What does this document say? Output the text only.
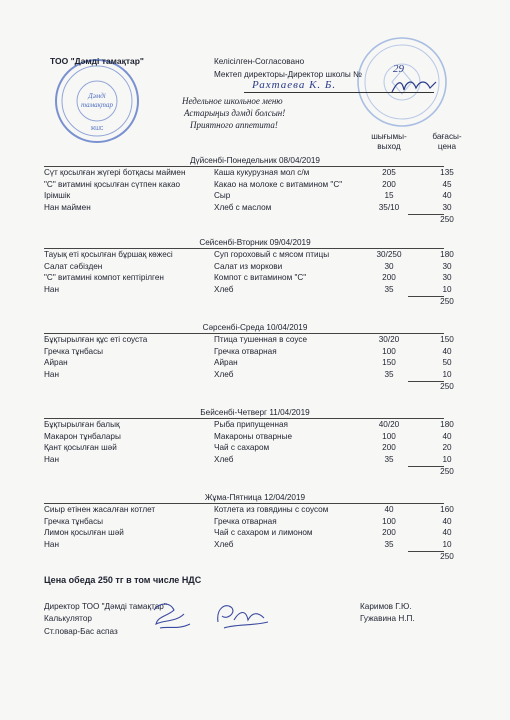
Дәмді
тамақтар
ЖШС
ТОО "Дәмді тамақтар"	Келісілген-Согласовано
Мектеп директоры-Директор школы №	29
Рахтаева К. Б.
Недельное школьное меню
Астарыңыз дәмді болсын!
Приятного аппетита!
шығымы-
выход
бағасы-
цена
Дүйсенбі-Понедельник 08/04/2019
Сүт қосылған жүгері ботқасы маймен	Каша кукурузная мол с/м	205	135
"С" витамині қосылған сүтпен какао	Какао на молоке с витамином "С"	200	45
Ірімшік	Сыр	15	40
Нан маймен	Хлеб с маслом	35/10	30
250
Сейсенбі-Вторник 09/04/2019
Тауық еті қосылған бұршақ көжесі	Суп гороховый с мясом птицы	30/250	180
Салат сәбізден	Салат из моркови	30	30
"С" витамині компот кептірілген	Компот с витамином "С"	200	30
Нан	Хлеб	35	10
250
Сәрсенбі-Среда 10/04/2019
Бұқтырылған құс еті соуста	Птица тушенная в соусе	30/20	150
Гречка тұнбасы	Гречка отварная	100	40
Айран	Айран	150	50
Нан	Хлеб	35	10
250
Бейсенбі-Четверг 11/04/2019
Бұқтырылған балық	Рыба припущенная	40/20	180
Макарон тұнбалары	Макароны отварные	100	40
Қант қосылған шәй	Чай с сахаром	200	20
Нан	Хлеб	35	10
250
Жұма-Пятница 12/04/2019
Сиыр етінен жасалған котлет	Котлета из говядины с соусом	40	160
Гречка тұнбасы	Гречка отварная	100	40
Лимон қосылған шәй	Чай с сахаром и лимоном	200	40
Нан	Хлеб	35	10
250
Цена обеда 250 тг в том числе НДС
Директор ТОО "Дәмді тамақтар"
Калькулятор
Ст.повар-Бас аспаз
Каримов Г.Ю.
Гужавина Н.П.
